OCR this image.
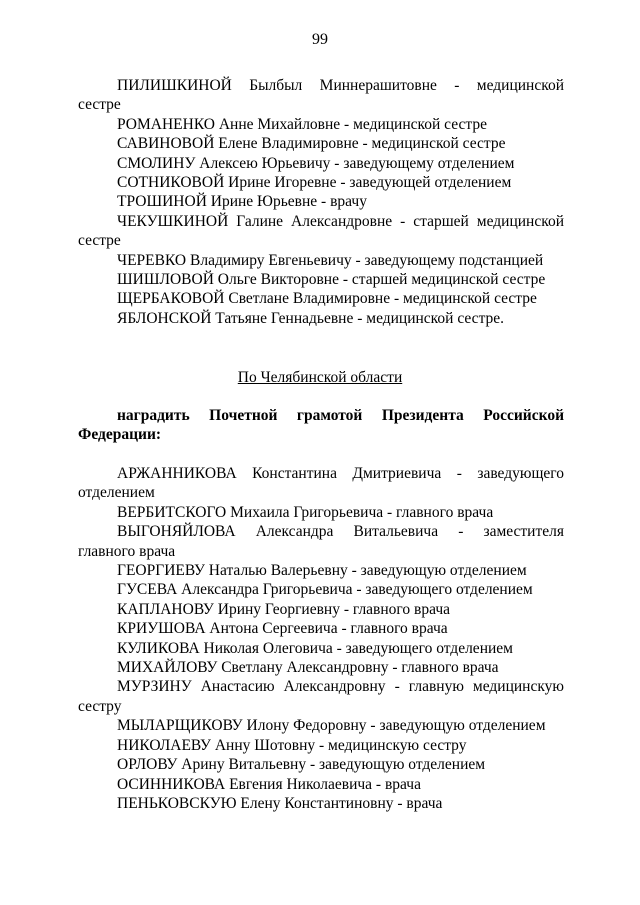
99
ПИЛИШКИНОЙ Былбыл Миннерашитовне - медицинской
сестре
РОМАНЕНКО Анне Михайловне - медицинской сестре
САВИНОВОЙ Елене Владимировне - медицинской сестре
СМОЛИНУ Алексею Юрьевичу - заведующему отделением
СОТНИКОВОЙ Ирине Игоревне - заведующей отделением
ТРОШИНОЙ Ирине Юрьевне - врачу
ЧЕКУШКИНОЙ Галине Александровне - старшей медицинской
сестре
ЧЕРЕВКО Владимиру Евгеньевичу - заведующему подстанцией
ШИШЛОВОЙ Ольге Викторовне - старшей медицинской сестре
ЩЕРБАКОВОЙ Светлане Владимировне - медицинской сестре
ЯБЛОНСКОЙ Татьяне Геннадьевне - медицинской сестре.
По Челябинской области
наградить Почетной грамотой Президента Российской
Федерации:
АРЖАННИКОВА Константина Дмитриевича - заведующего
отделением
ВЕРБИТСКОГО Михаила Григорьевича - главного врача
ВЫГОНЯЙЛОВА Александра Витальевича - заместителя
главного врача
ГЕОРГИЕВУ Наталью Валерьевну - заведующую отделением
ГУСЕВА Александра Григорьевича - заведующего отделением
КАПЛАНОВУ Ирину Георгиевну - главного врача
КРИУШОВА Антона Сергеевича - главного врача
КУЛИКОВА Николая Олеговича - заведующего отделением
МИХАЙЛОВУ Светлану Александровну - главного врача
МУРЗИНУ Анастасию Александровну - главную медицинскую
сестру
МЫЛАРЩИКОВУ Илону Федоровну - заведующую отделением
НИКОЛАЕВУ Анну Шотовну - медицинскую сестру
ОРЛОВУ Арину Витальевну - заведующую отделением
ОСИННИКОВА Евгения Николаевича - врача
ПЕНЬКОВСКУЮ Елену Константиновну - врача
